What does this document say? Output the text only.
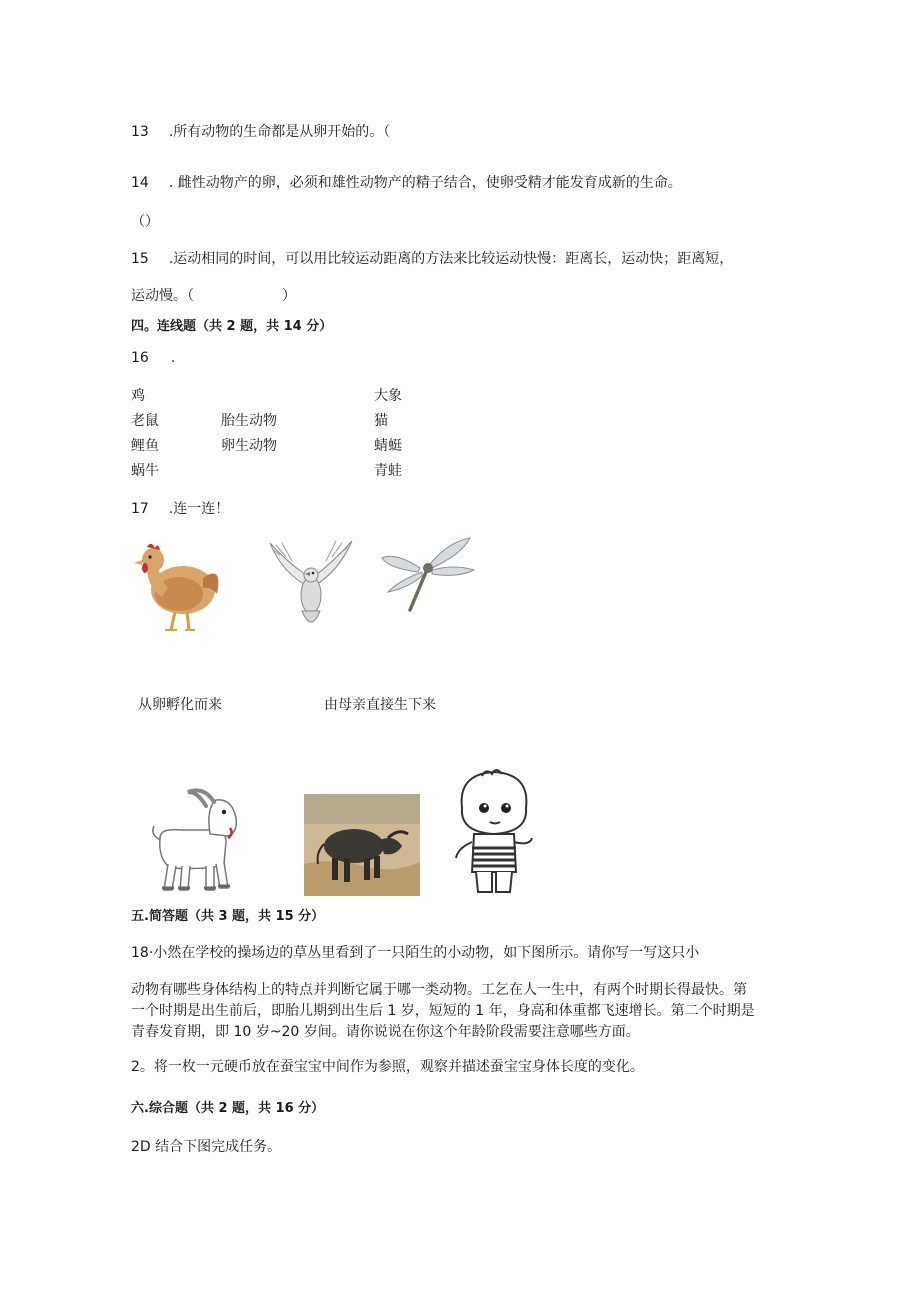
13 .所有动物的生命都是从卵开始的。（
14 . 雌性动物产的卵，必须和雄性动物产的精子结合，使卵受精才能发育成新的生命。
（）
15 .运动相同的时间，可以用比较运动距离的方法来比较运动快慢：距离长，运动快；距离短，
运动慢。（	）
四。连线题（共 2 题，共 14 分）
16 .
鸡
老鼠
鲤鱼
蜗牛
胎生动物
卵生动物
大象
猫
蜻蜓
青蛙
17 .连一连！
从卵孵化而来	由母亲直接生下来
五.简答题（共 3 题，共 15 分）
18·小然在学校的操场边的草丛里看到了一只陌生的小动物，如下图所示。请你写一写这只小
动物有哪些身体结构上的特点并判断它属于哪一类动物。工乞在人一生中，有两个时期长得最快。第
一个时期是出生前后，即胎儿期到出生后 1 岁，短短的 1 年，身高和体重都飞速增长。第二个时期是
青春发育期，即 10 岁~20 岁间。请你说说在你这个年龄阶段需要注意哪些方面。
2。将一枚一元硬币放在蚕宝宝中间作为参照，观察并描述蚕宝宝身体长度的变化。
六.综合题（共 2 题，共 16 分）
2D 结合下图完成任务。
